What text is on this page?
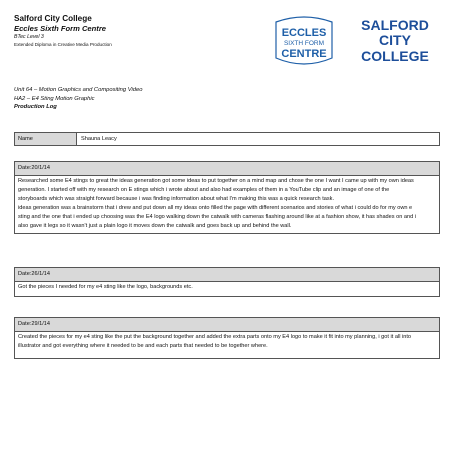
Salford City College
Eccles Sixth Form Centre
BTec Level 3
Extended Diploma in Creative Media Production
ECCLES
SIXTH FORM
CENTRE
SALFORD
CITY
COLLEGE
Unit 64 – Motion Graphics and Compositing Video
HA2 – E4 Sting Motion Graphic
Production Log
Name	Shauna Leacy
Date:20/1/14
Researched some E4 stings to great the ideas generation got some ideas to put together on a mind map and chose the one I want I came up with my own ideas
generation. I started off with my research on E stings which i wrote about and also had examples of them in a YouTube clip and an image of one of the
storyboards which was straight forward because i was finding information about what I'm making this was a quick research task.
ideas generation was a brainstorm that i drew and put down all my ideas onto filled the page with different scenarios and stories of what i could do for my own e
sting and the one that i ended up choosing was the E4 logo walking down the catwalk with cameras flashing around like at a fashion show, it has shades on and i
also gave it legs so it wasn't just a plain logo it moves down the catwalk and goes back up and behind the wall.
Date:26/1/14
Got the pieces I needed for my e4 sting like the logo, backgrounds etc.
Date:29/1/14
Created the pieces for my e4 sting like the put the background together and added the extra parts onto my E4 logo to make it fit into my planning, i got it all into
illustrator and got everything where it needed to be and each parts that needed to be together where.
